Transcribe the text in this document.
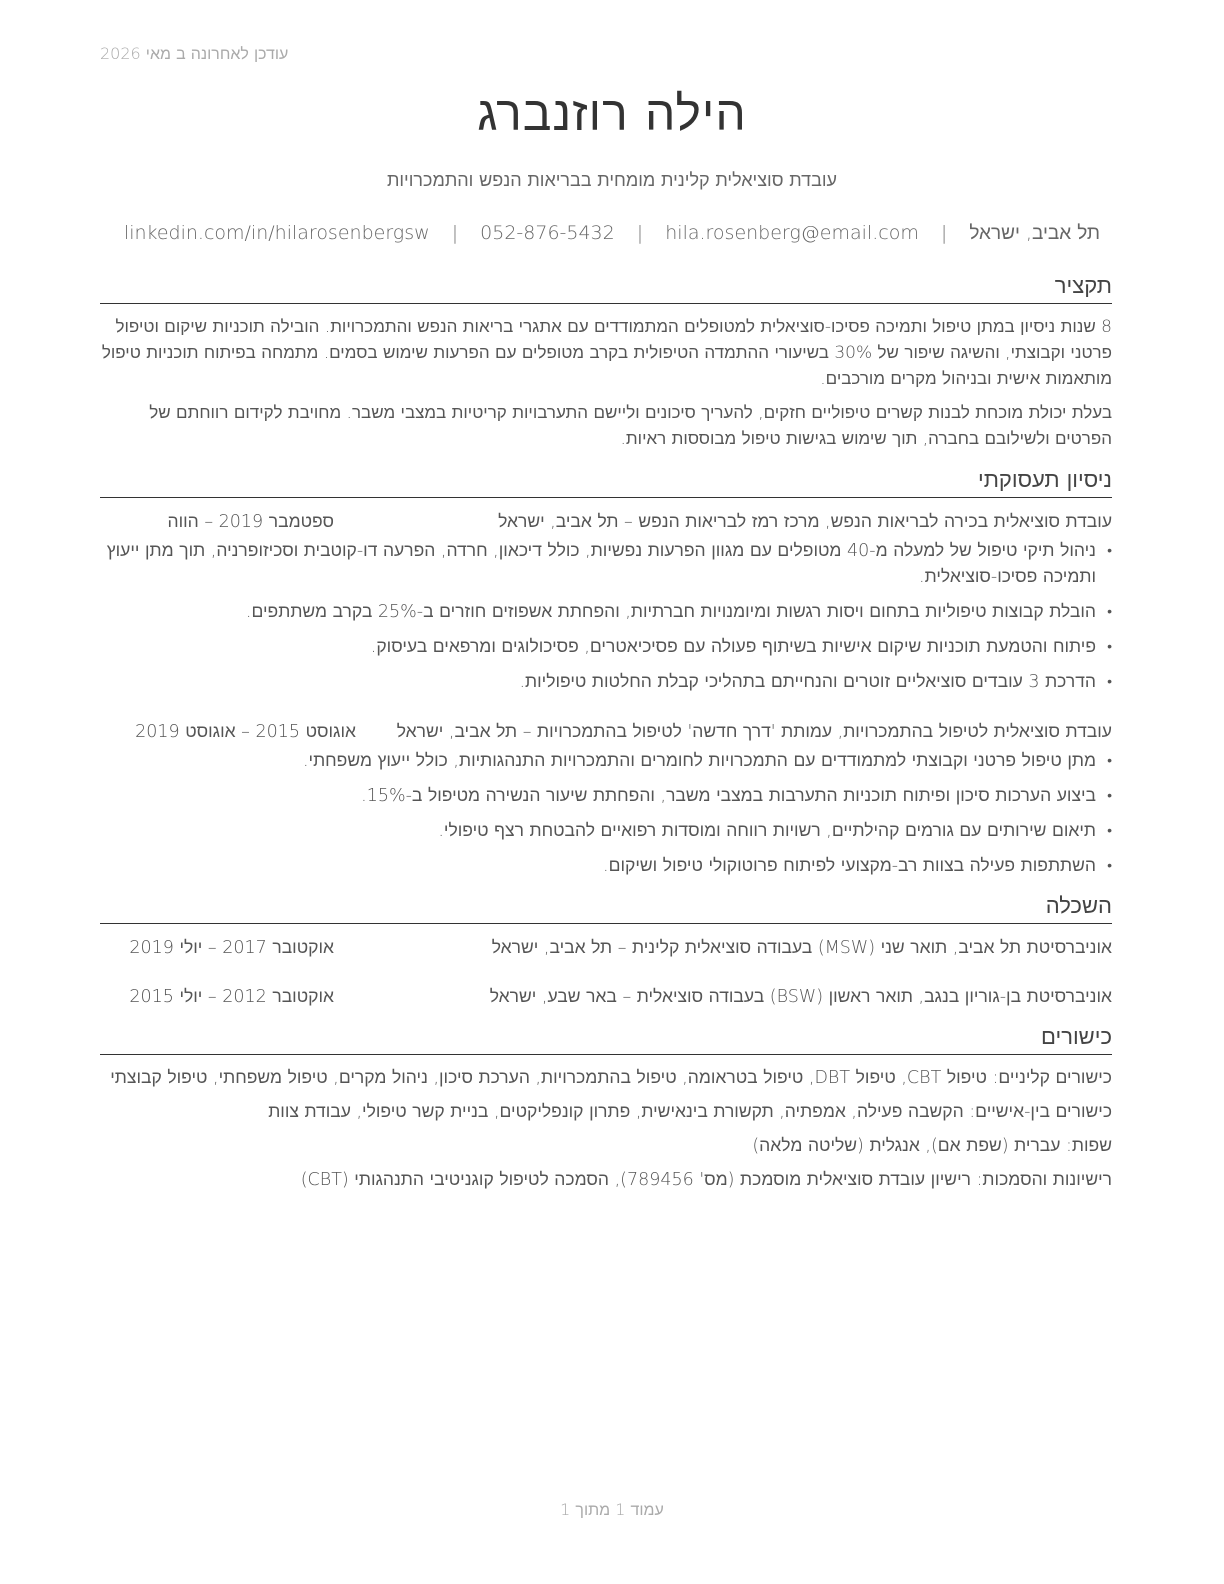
עודכן לאחרונה ב מאי 2026
הילה רוזנברג
עובדת סוציאלית קלינית מומחית בבריאות הנפש והתמכרויות
תל אביב, ישראל | hila.rosenberg@email.com | 052-876-5432 | linkedin.com/in/hilarosenbergsw
תקציר
8 שנות ניסיון במתן טיפול ותמיכה פסיכו-סוציאלית למטופלים המתמודדים עם אתגרי בריאות הנפש והתמכרויות. הובילה תוכניות שיקום וטיפול פרטני וקבוצתי, והשיגה שיפור של 30% בשיעורי ההתמדה הטיפולית בקרב מטופלים עם הפרעות שימוש בסמים. מתמחה בפיתוח תוכניות טיפול מותאמות אישית ובניהול מקרים מורכבים.
בעלת יכולת מוכחת לבנות קשרים טיפוליים חזקים, להעריך סיכונים וליישם התערבויות קריטיות במצבי משבר. מחויבת לקידום רווחתם של הפרטים ולשילובם בחברה, תוך שימוש בגישות טיפול מבוססות ראיות.
ניסיון תעסוקתי
עובדת סוציאלית בכירה לבריאות הנפש, מרכז רמז לבריאות הנפש – תל אביב, ישראל
ספטמבר 2019 – הווה
• ניהול תיקי טיפול של למעלה מ-40 מטופלים עם מגוון הפרעות נפשיות, כולל דיכאון, חרדה, הפרעה דו-קוטבית וסכיזופרניה, תוך מתן ייעוץ ותמיכה פסיכו-סוציאלית.
• הובלת קבוצות טיפוליות בתחום ויסות רגשות ומיומנויות חברתיות, והפחתת אשפוזים חוזרים ב-25% בקרב משתתפים.
• פיתוח והטמעת תוכניות שיקום אישיות בשיתוף פעולה עם פסיכיאטרים, פסיכולוגים ומרפאים בעיסוק.
• הדרכת 3 עובדים סוציאליים זוטרים והנחייתם בתהליכי קבלת החלטות טיפוליות.
עובדת סוציאלית לטיפול בהתמכרויות, עמותת 'דרך חדשה' לטיפול בהתמכרויות – תל אביב, ישראל
אוגוסט 2015 – אוגוסט 2019
• מתן טיפול פרטני וקבוצתי למתמודדים עם התמכרויות לחומרים והתמכרויות התנהגותיות, כולל ייעוץ משפחתי.
• ביצוע הערכות סיכון ופיתוח תוכניות התערבות במצבי משבר, והפחתת שיעור הנשירה מטיפול ב-15%.
• תיאום שירותים עם גורמים קהילתיים, רשויות רווחה ומוסדות רפואיים להבטחת רצף טיפולי.
• השתתפות פעילה בצוות רב-מקצועי לפיתוח פרוטוקולי טיפול ושיקום.
השכלה
אוניברסיטת תל אביב, תואר שני (MSW) בעבודה סוציאלית קלינית – תל אביב, ישראל
אוקטובר 2017 – יולי 2019
אוניברסיטת בן-גוריון בנגב, תואר ראשון (BSW) בעבודה סוציאלית – באר שבע, ישראל
אוקטובר 2012 – יולי 2015
כישורים
כישורים קליניים: טיפול CBT, טיפול DBT, טיפול בטראומה, טיפול בהתמכרויות, הערכת סיכון, ניהול מקרים, טיפול משפחתי, טיפול קבוצתי
כישורים בין-אישיים: הקשבה פעילה, אמפתיה, תקשורת בינאישית, פתרון קונפליקטים, בניית קשר טיפולי, עבודת צוות
שפות: עברית (שפת אם), אנגלית (שליטה מלאה)
רישיונות והסמכות: רישיון עובדת סוציאלית מוסמכת (מס' 789456), הסמכה לטיפול קוגניטיבי התנהגותי (CBT)
עמוד 1 מתוך 1
